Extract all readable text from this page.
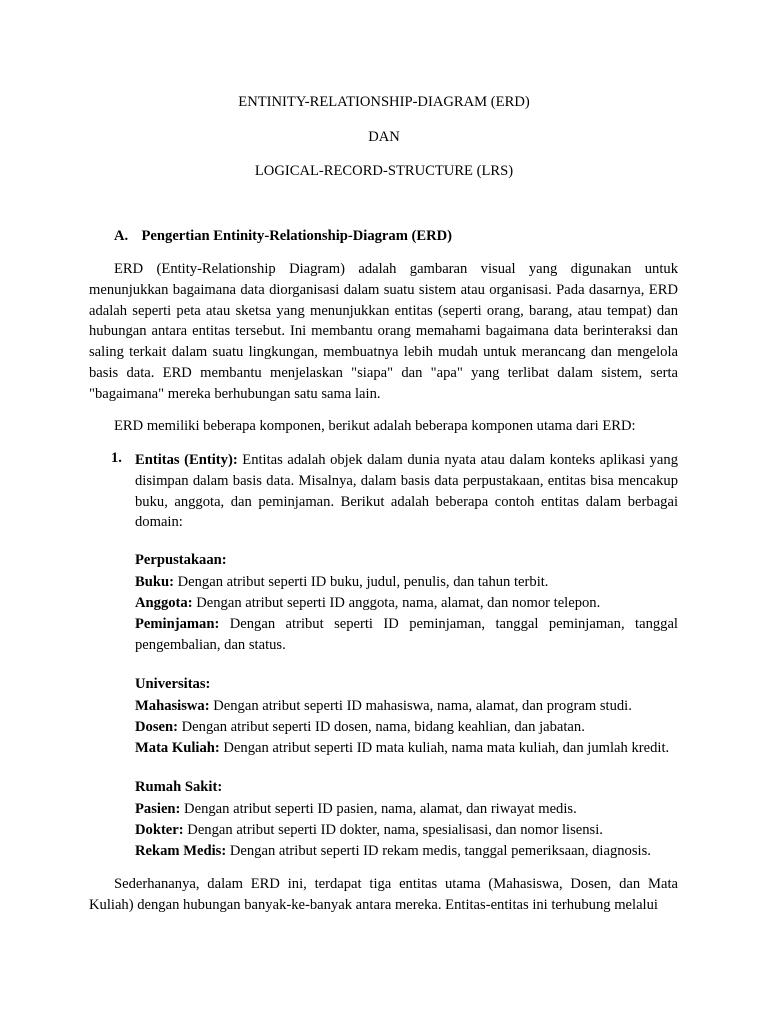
ENTINITY-RELATIONSHIP-DIAGRAM (ERD)
DAN
LOGICAL-RECORD-STRUCTURE (LRS)
A. Pengertian Entinity-Relationship-Diagram (ERD)

ERD (Entity-Relationship Diagram) adalah gambaran visual yang digunakan untuk menunjukkan bagaimana data diorganisasi dalam suatu sistem atau organisasi. Pada dasarnya, ERD adalah seperti peta atau sketsa yang menunjukkan entitas (seperti orang, barang, atau tempat) dan hubungan antara entitas tersebut. Ini membantu orang memahami bagaimana data berinteraksi dan saling terkait dalam suatu lingkungan, membuatnya lebih mudah untuk merancang dan mengelola basis data. ERD membantu menjelaskan "siapa" dan "apa" yang terlibat dalam sistem, serta "bagaimana" mereka berhubungan satu sama lain.

ERD memiliki beberapa komponen, berikut adalah beberapa komponen utama dari ERD:

1. Entitas (Entity): Entitas adalah objek dalam dunia nyata atau dalam konteks aplikasi yang disimpan dalam basis data. Misalnya, dalam basis data perpustakaan, entitas bisa mencakup buku, anggota, dan peminjaman. Berikut adalah beberapa contoh entitas dalam berbagai domain:

Perpustakaan:

Buku: Dengan atribut seperti ID buku, judul, penulis, dan tahun terbit.

Anggota: Dengan atribut seperti ID anggota, nama, alamat, dan nomor telepon.

Peminjaman: Dengan atribut seperti ID peminjaman, tanggal peminjaman, tanggal pengembalian, dan status.

Universitas:

Mahasiswa: Dengan atribut seperti ID mahasiswa, nama, alamat, dan program studi.

Dosen: Dengan atribut seperti ID dosen, nama, bidang keahlian, dan jabatan.

Mata Kuliah: Dengan atribut seperti ID mata kuliah, nama mata kuliah, dan jumlah kredit.

Rumah Sakit:

Pasien: Dengan atribut seperti ID pasien, nama, alamat, dan riwayat medis.

Dokter: Dengan atribut seperti ID dokter, nama, spesialisasi, dan nomor lisensi.

Rekam Medis: Dengan atribut seperti ID rekam medis, tanggal pemeriksaan, diagnosis.

Sederhananya, dalam ERD ini, terdapat tiga entitas utama (Mahasiswa, Dosen, dan Mata Kuliah) dengan hubungan banyak-ke-banyak antara mereka. Entitas-entitas ini terhubung melalui
